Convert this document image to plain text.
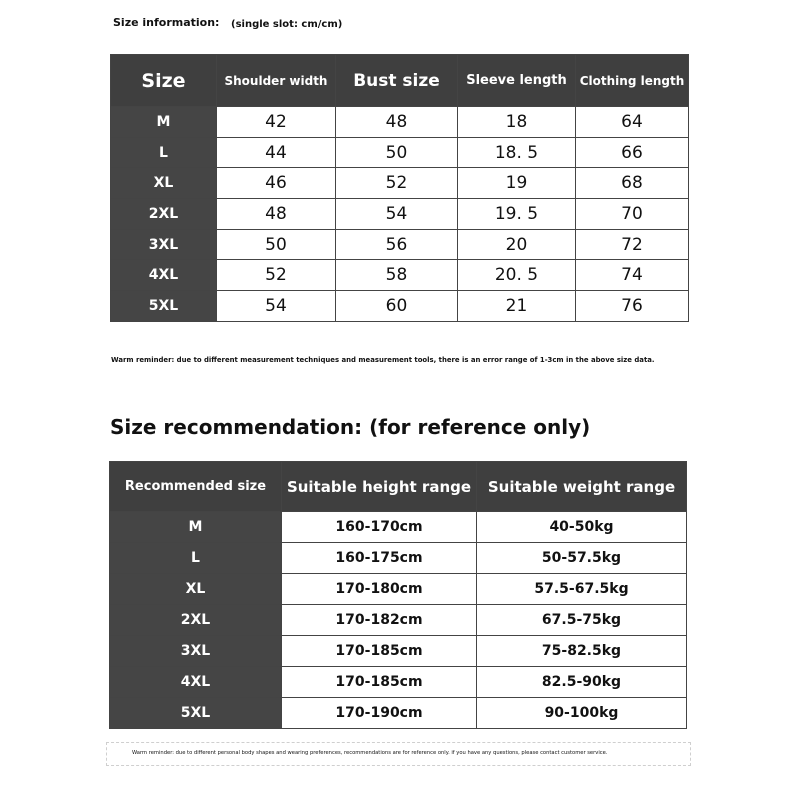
Size information: (single slot: cm/cm)
Size	Shoulder width	Bust size	Sleeve length	Clothing length
M	42	48	18	64
L	44	50	18. 5	66
XL	46	52	19	68
2XL	48	54	19. 5	70
3XL	50	56	20	72
4XL	52	58	20. 5	74
5XL	54	60	21	76
Warm reminder: due to different measurement techniques and measurement tools, there is an error range of 1-3cm in the above size data.
Size recommendation: (for reference only)
Recommended size	Suitable height range	Suitable weight range
M	160-170cm	40-50kg
L	160-175cm	50-57.5kg
XL	170-180cm	57.5-67.5kg
2XL	170-182cm	67.5-75kg
3XL	170-185cm	75-82.5kg
4XL	170-185cm	82.5-90kg
5XL	170-190cm	90-100kg
Warm reminder: due to different personal body shapes and wearing preferences, recommendations are for reference only. if you have any questions, please contact customer service.
